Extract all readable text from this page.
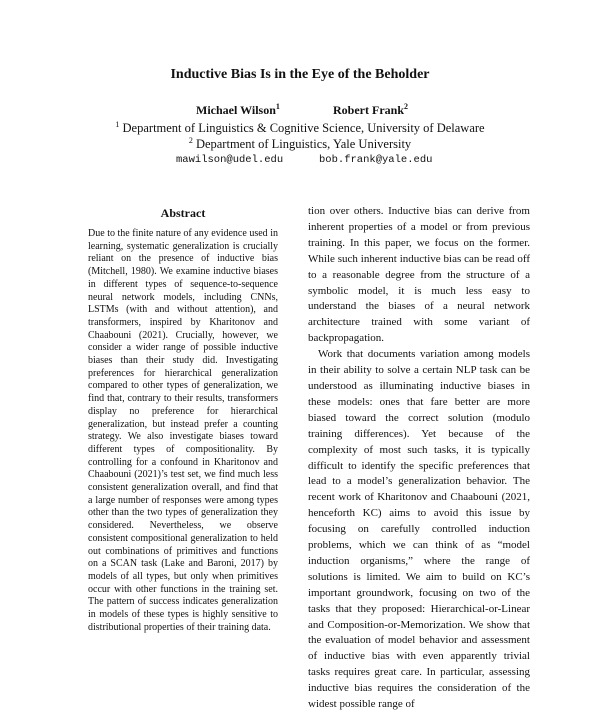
Inductive Bias Is in the Eye of the Beholder
Michael Wilson$^1$	Robert Frank$^2$
$^1$ Department of Linguistics & Cognitive Science, University of Delaware
$^2$ Department of Linguistics, Yale University
mawilson@udel.edu	bob.frank@yale.edu
Abstract

Due to the finite nature of any evidence used in learning, systematic generalization is crucially reliant on the presence of inductive bias (Mitchell, 1980). We examine inductive biases in different types of sequence-to-sequence neural network models, including CNNs, LSTMs (with and without attention), and transformers, inspired by Kharitonov and Chaabouni (2021). Crucially, however, we consider a wider range of possible inductive biases than their study did. Investigating preferences for hierarchical generalization compared to other types of generalization, we find that, contrary to their results, transformers display no preference for hierarchical generalization, but instead prefer a counting strategy. We also investigate biases toward different types of compositionality. By controlling for a confound in Kharitonov and Chaabouni (2021)’s test set, we find much less consistent generalization overall, and find that a large number of responses were among types other than the two types of generalization they considered. Nevertheless, we observe consistent compositional generalization to held out combinations of primitives and functions on a SCAN task (Lake and Baroni, 2017) by models of all types, but only when primitives occur with other functions in the training set. The pattern of success indicates generalization in models of these types is highly sensitive to distributional properties of their training data.

tion over others. Inductive bias can derive from inherent properties of a model or from previous training. In this paper, we focus on the former. While such inherent inductive bias can be read off to a reasonable degree from the structure of a symbolic model, it is much less easy to understand the biases of a neural network architecture trained with some variant of backpropagation.

Work that documents variation among models in their ability to solve a certain NLP task can be understood as illuminating inductive biases in these models: ones that fare better are more biased toward the correct solution (modulo training differences). Yet because of the complexity of most such tasks, it is typically difficult to identify the specific preferences that lead to a model’s generalization behavior. The recent work of Kharitonov and Chaabouni (2021, henceforth KC) aims to avoid this issue by focusing on carefully controlled induction problems, which we can think of as “model induction organisms,” where the range of solutions is limited. We aim to build on KC’s important groundwork, focusing on two of the tasks that they proposed: Hierarchical-or-Linear and Composition-or-Memorization. We show that the evaluation of model behavior and assessment of inductive bias with even apparently trivial tasks requires great care. In particular, assessing inductive bias requires the consideration of the widest possible range of
